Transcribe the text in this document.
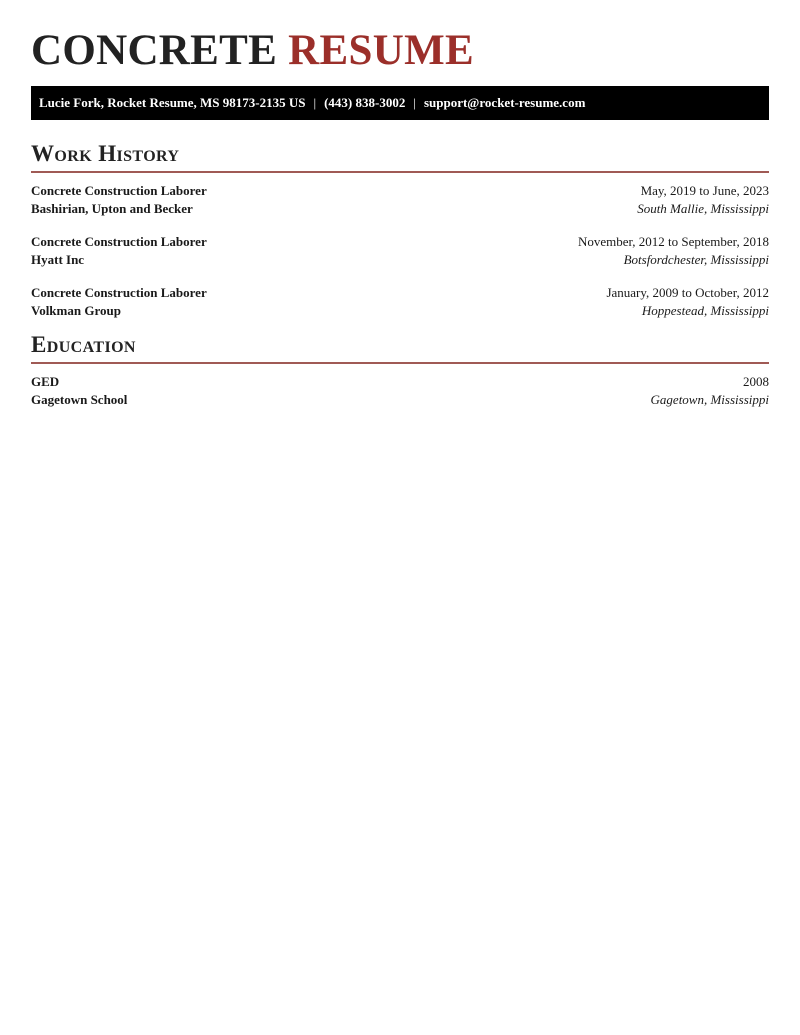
CONCRETE RESUME
Lucie Fork, Rocket Resume, MS 98173-2135 US | (443) 838-3002 | support@rocket-resume.com
Work History
Concrete Construction Laborer
Bashirian, Upton and Becker
May, 2019 to June, 2023
South Mallie, Mississippi
Concrete Construction Laborer
Hyatt Inc
November, 2012 to September, 2018
Botsfordchester, Mississippi
Concrete Construction Laborer
Volkman Group
January, 2009 to October, 2012
Hoppestead, Mississippi
Education
GED
Gagetown School
2008
Gagetown, Mississippi
